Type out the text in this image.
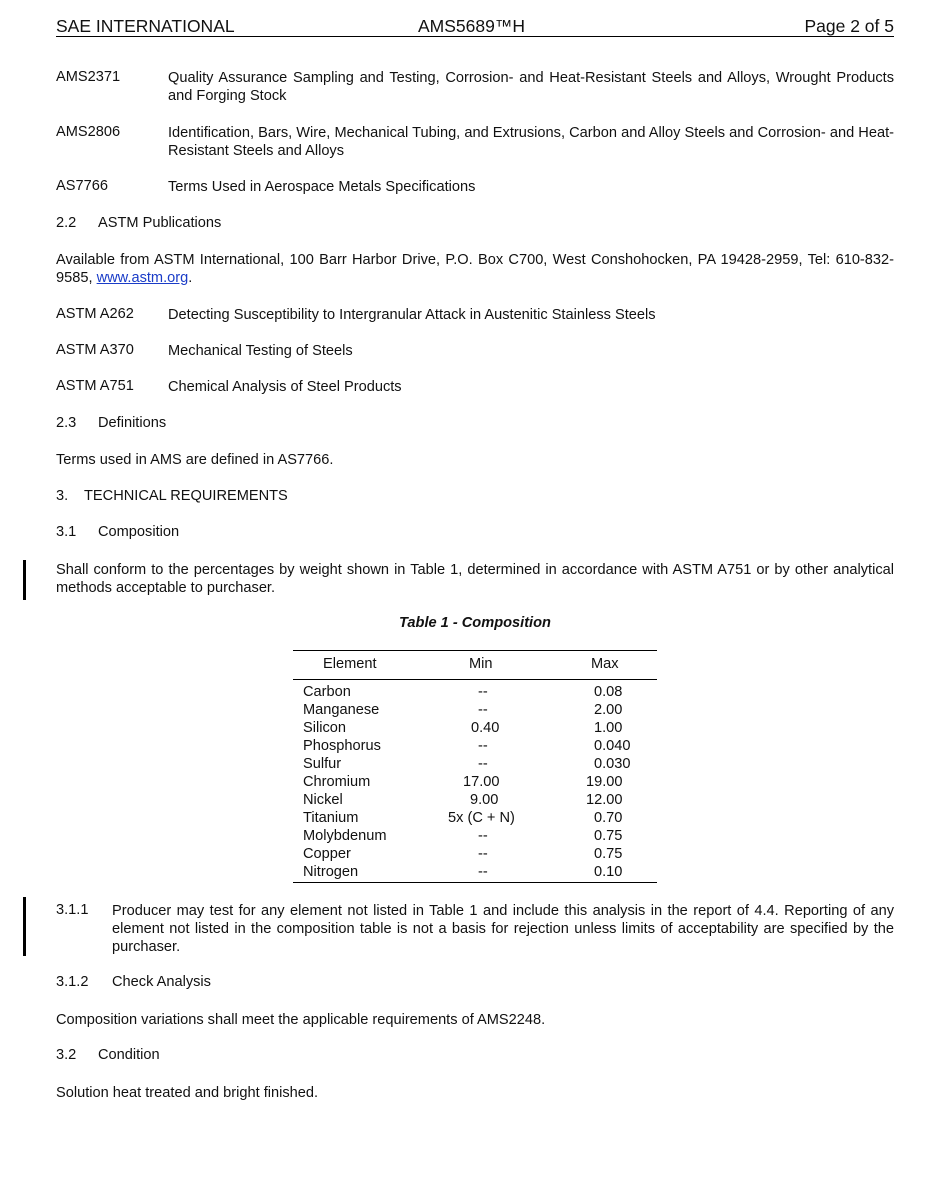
SAE INTERNATIONAL	AMS5689™H	Page 2 of 5
AMS2371	Quality Assurance Sampling and Testing, Corrosion- and Heat-Resistant Steels and Alloys, Wrought Products and Forging Stock
AMS2806	Identification, Bars, Wire, Mechanical Tubing, and Extrusions, Carbon and Alloy Steels and Corrosion- and Heat-Resistant Steels and Alloys
AS7766	Terms Used in Aerospace Metals Specifications
2.2 ASTM Publications
Available from ASTM International, 100 Barr Harbor Drive, P.O. Box C700, West Conshohocken, PA 19428-2959, Tel: 610-832-9585, www.astm.org.
ASTM A262 Detecting Susceptibility to Intergranular Attack in Austenitic Stainless Steels
ASTM A370 Mechanical Testing of Steels
ASTM A751 Chemical Analysis of Steel Products
2.3 Definitions
Terms used in AMS are defined in AS7766.
3. TECHNICAL REQUIREMENTS
3.1 Composition
Shall conform to the percentages by weight shown in Table 1, determined in accordance with ASTM A751 or by other analytical methods acceptable to purchaser.
Table 1 - Composition
Element	Min	Max
Carbon	--	0.08
Manganese	--	2.00
Silicon	0.40	1.00
Phosphorus	--	0.040
Sulfur	--	0.030
Chromium	17.00	19.00
Nickel	9.00	12.00
Titanium	5x (C + N)	0.70
Molybdenum	--	0.75
Copper	--	0.75
Nitrogen	--	0.10
3.1.1 Producer may test for any element not listed in Table 1 and include this analysis in the report of 4.4. Reporting of any element not listed in the composition table is not a basis for rejection unless limits of acceptability are specified by the purchaser.
3.1.2 Check Analysis
Composition variations shall meet the applicable requirements of AMS2248.
3.2 Condition
Solution heat treated and bright finished.
